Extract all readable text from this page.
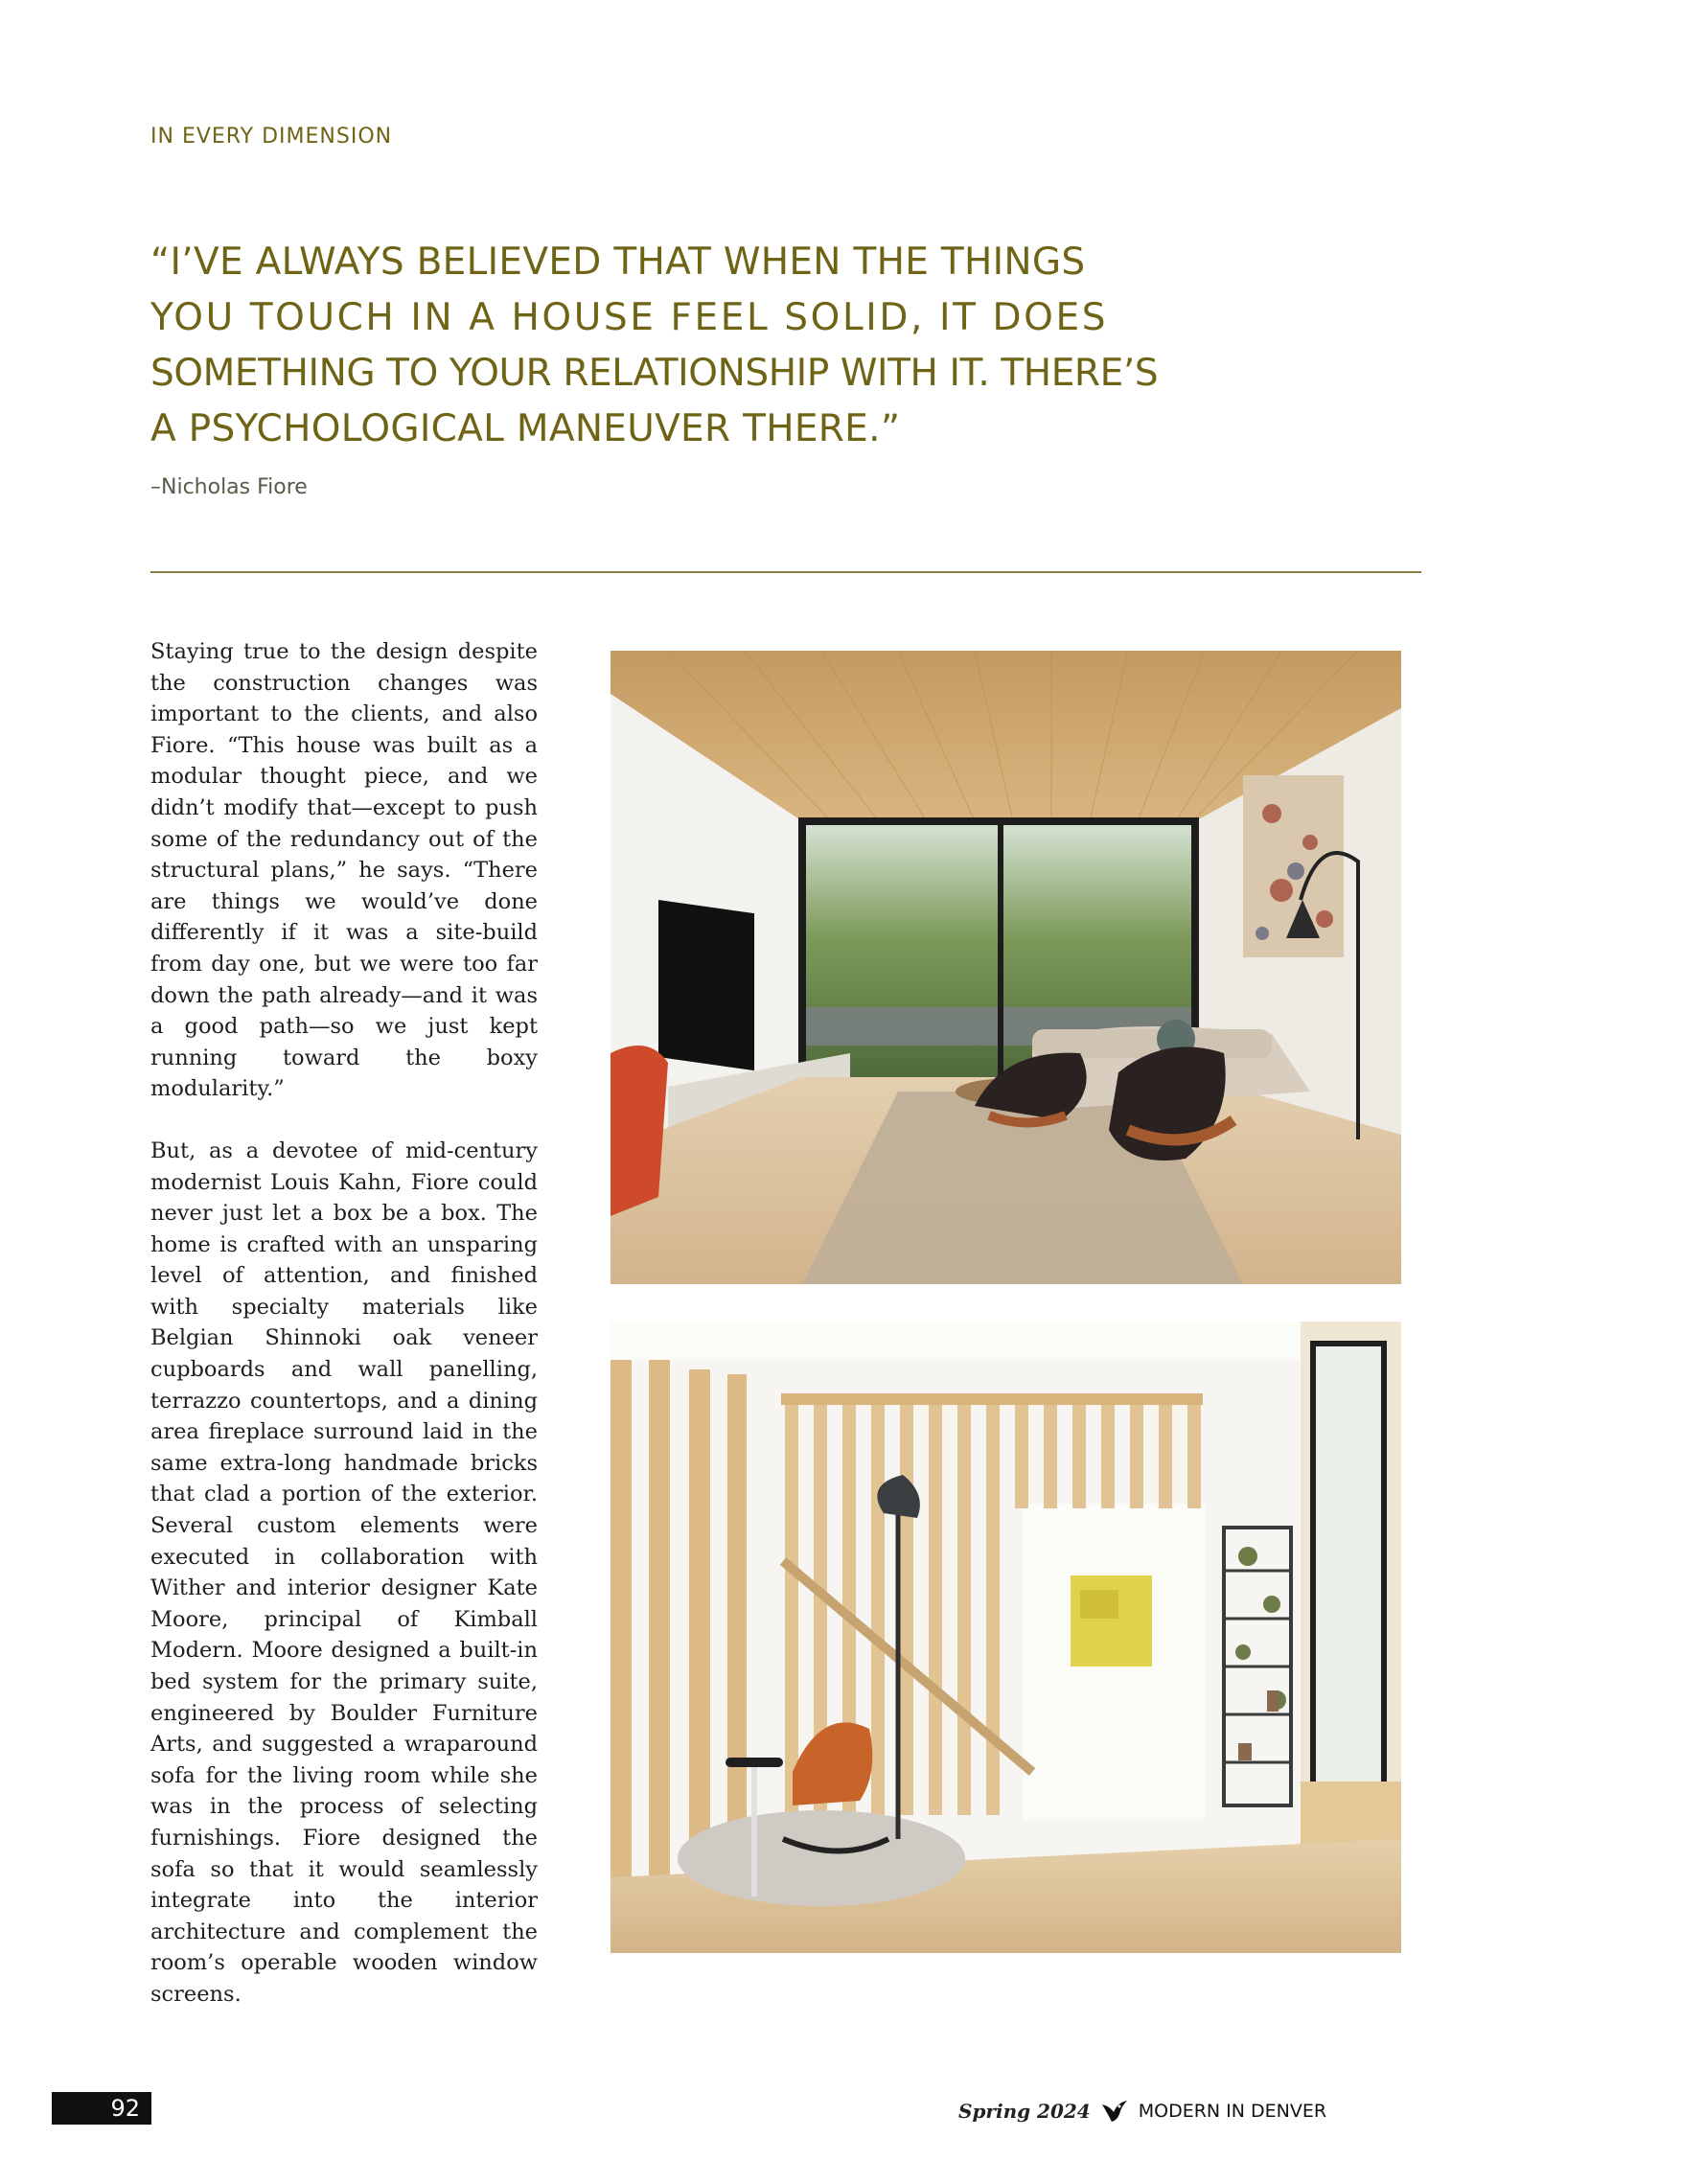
IN EVERY DIMENSION
“I’VE ALWAYS BELIEVED THAT WHEN THE THINGS
YOU TOUCH IN A HOUSE FEEL SOLID, IT DOES
SOMETHING TO YOUR RELATIONSHIP WITH IT. THERE’S
A PSYCHOLOGICAL MANEUVER THERE.”
–Nicholas Fiore

Staying true to the design despite the construction changes was important to the clients, and also Fiore. “This house was built as a modular thought piece, and we didn’t modify that—except to push some of the redundancy out of the structural plans,” he says. “There are things we would’ve done differently if it was a site-build from day one, but we were too far down the path already—and it was a good path—so we just kept running toward the boxy modularity.”

But, as a devotee of mid-century modernist Louis Kahn, Fiore could never just let a box be a box. The home is crafted with an unsparing level of attention, and finished with specialty materials like Belgian Shinnoki oak veneer cupboards and wall panelling, terrazzo countertops, and a dining area fireplace surround laid in the same extra-long handmade bricks that clad a portion of the exterior. Several custom elements were executed in collaboration with Wither and interior designer Kate Moore, principal of Kimball Modern. Moore designed a built-in bed system for the primary suite, engineered by Boulder Furniture Arts, and suggested a wraparound sofa for the living room while she was in the process of selecting furnishings. Fiore designed the sofa so that it would seamlessly integrate into the interior architecture and complement the room’s operable wooden window screens.

92	Spring 2024	MODERN IN DENVER
